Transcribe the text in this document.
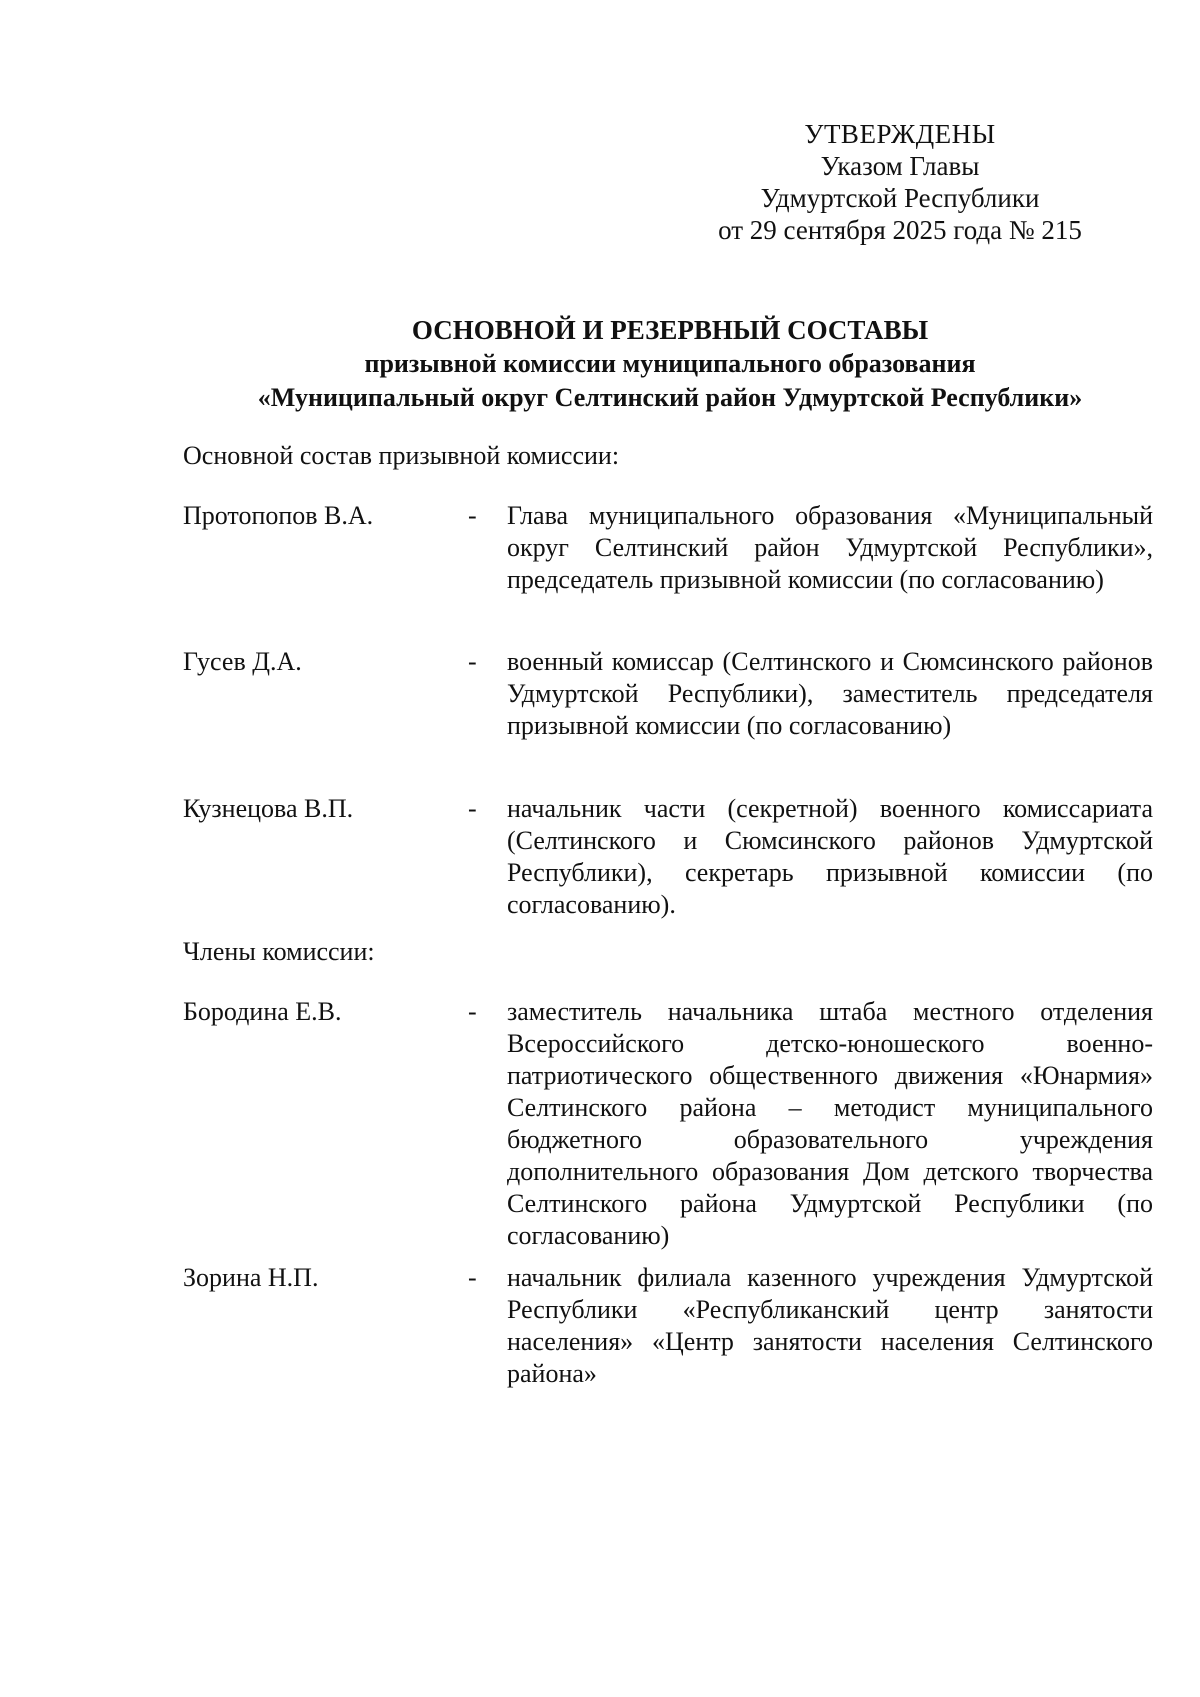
УТВЕРЖДЕНЫ
Указом Главы
Удмуртской Республики
от 29 сентября 2025 года № 215
ОСНОВНОЙ И РЕЗЕРВНЫЙ СОСТАВЫ
призывной комиссии муниципального образования
«Муниципальный округ Селтинский район Удмуртской Республики»
Основной состав призывной комиссии:
Протопопов В.А.	- Глава муниципального образования «Муниципальный округ Селтинский район Удмуртской Республики», председатель призывной комиссии (по согласованию)
Гусев Д.А.	- военный комиссар (Селтинского и Сюмсинского районов Удмуртской Республики), заместитель председателя призывной комиссии (по согласованию)
Кузнецова В.П.	- начальник части (секретной) военного комиссариата (Селтинского и Сюмсинского районов Удмуртской Республики), секретарь призывной комиссии (по согласованию).
Члены комиссии:
Бородина Е.В.	- заместитель начальника штаба местного отделения Всероссийского детско-юношеского военно-патриотического общественного движения «Юнармия» Селтинского района – методист муниципального бюджетного образовательного учреждения дополнительного образования Дом детского творчества Селтинского района Удмуртской Республики (по согласованию)
Зорина Н.П.	- начальник филиала казенного учреждения Удмуртской Республики «Республиканский центр занятости населения» «Центр занятости населения Селтинского района»
